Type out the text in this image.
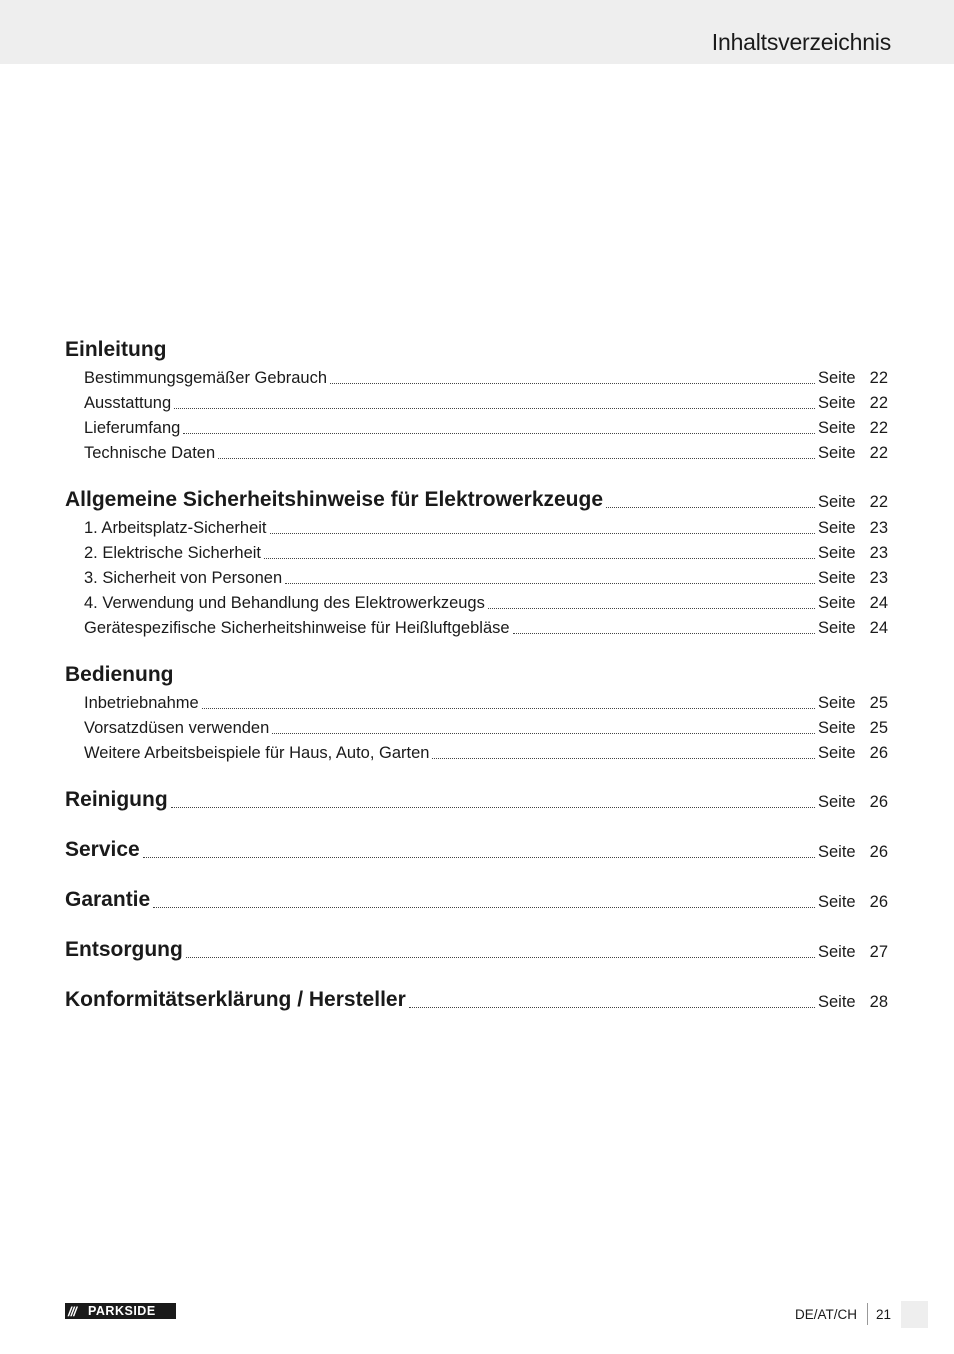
Inhaltsverzeichnis
Einleitung
Bestimmungsgemäßer Gebrauch	Seite 22
Ausstattung	Seite 22
Lieferumfang	Seite 22
Technische Daten	Seite 22
Allgemeine Sicherheitshinweise für Elektrowerkzeuge	Seite 22
1. Arbeitsplatz-Sicherheit	Seite 23
2. Elektrische Sicherheit	Seite 23
3. Sicherheit von Personen	Seite 23
4. Verwendung und Behandlung des Elektrowerkzeugs	Seite 24
Gerätespezifische Sicherheitshinweise für Heißluftgebläse	Seite 24
Bedienung
Inbetriebnahme	Seite 25
Vorsatzdüsen verwenden	Seite 25
Weitere Arbeitsbeispiele für Haus, Auto, Garten	Seite 26
Reinigung	Seite 26
Service	Seite 26
Garantie	Seite 26
Entsorgung	Seite 27
Konformitätserklärung / Hersteller	Seite 28
/// PARKSIDE	DE/AT/CH 21
